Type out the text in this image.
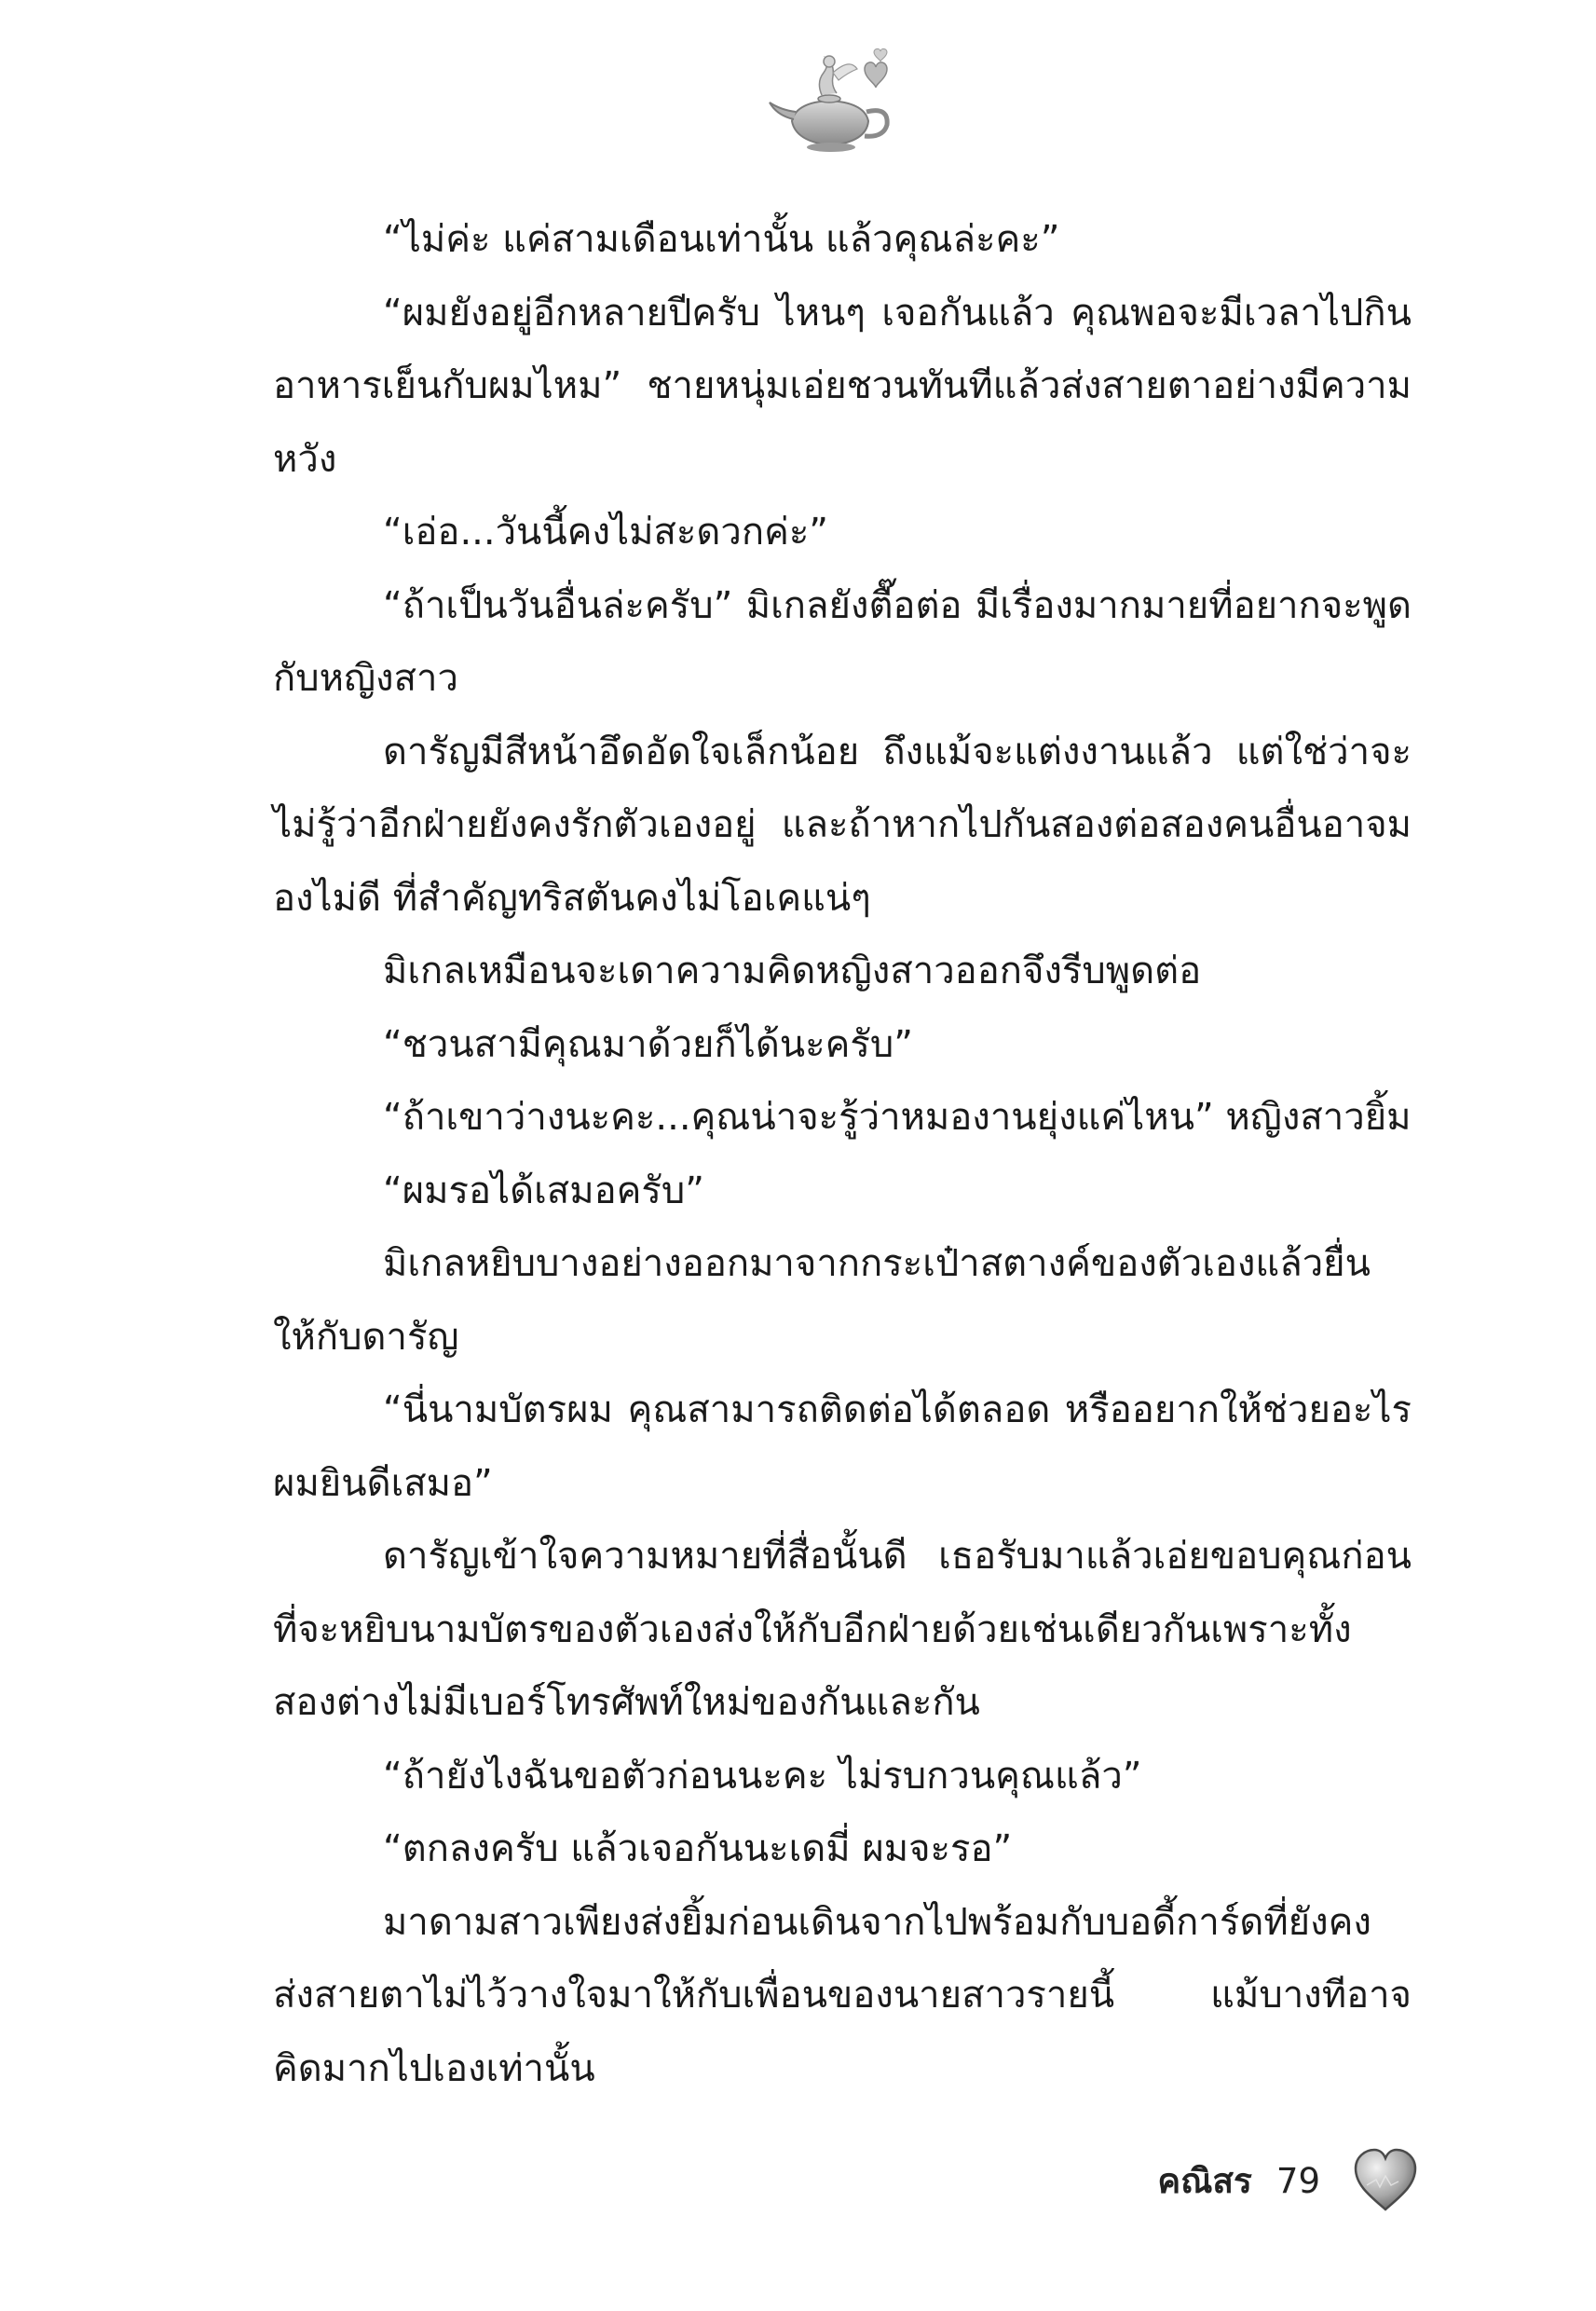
“ไม่ค่ะ แค่สามเดือนเท่านั้น แล้วคุณล่ะคะ”

“ผมยังอยู่อีกหลายปีครับ ไหนๆ เจอกันแล้ว คุณพอจะมีเวลาไปกินอาหารเย็นกับผมไหม” ชายหนุ่มเอ่ยชวนทันทีแล้วส่งสายตาอย่างมีความหวัง

“เอ่อ...วันนี้คงไม่สะดวกค่ะ”

“ถ้าเป็นวันอื่นล่ะครับ” มิเกลยังตื๊อต่อ มีเรื่องมากมายที่อยากจะพูดกับหญิงสาว

ดารัญมีสีหน้าอึดอัดใจเล็กน้อย ถึงแม้จะแต่งงานแล้ว แต่ใช่ว่าจะไม่รู้ว่าอีกฝ่ายยังคงรักตัวเองอยู่ และถ้าหากไปกันสองต่อสองคนอื่นอาจมองไม่ดี ที่สำคัญทริสตันคงไม่โอเคแน่ๆ

มิเกลเหมือนจะเดาความคิดหญิงสาวออกจึงรีบพูดต่อ

“ชวนสามีคุณมาด้วยก็ได้นะครับ”

“ถ้าเขาว่างนะคะ...คุณน่าจะรู้ว่าหมองานยุ่งแค่ไหน” หญิงสาวยิ้ม

“ผมรอได้เสมอครับ”

มิเกลหยิบบางอย่างออกมาจากกระเป๋าสตางค์ของตัวเองแล้วยื่นให้กับดารัญ

“นี่นามบัตรผม คุณสามารถติดต่อได้ตลอด หรืออยากให้ช่วยอะไร ผมยินดีเสมอ”

ดารัญเข้าใจความหมายที่สื่อนั้นดี เธอรับมาแล้วเอ่ยขอบคุณก่อนที่จะหยิบนามบัตรของตัวเองส่งให้กับอีกฝ่ายด้วยเช่นเดียวกันเพราะทั้งสองต่างไม่มีเบอร์โทรศัพท์ใหม่ของกันและกัน

“ถ้ายังไงฉันขอตัวก่อนนะคะ ไม่รบกวนคุณแล้ว”

“ตกลงครับ แล้วเจอกันนะเดมี่ ผมจะรอ”

มาดามสาวเพียงส่งยิ้มก่อนเดินจากไปพร้อมกับบอดี้การ์ดที่ยังคงส่งสายตาไม่ไว้วางใจมาให้กับเพื่อนของนายสาวรายนี้ แม้บางทีอาจคิดมากไปเองเท่านั้น

คณิสร 79
